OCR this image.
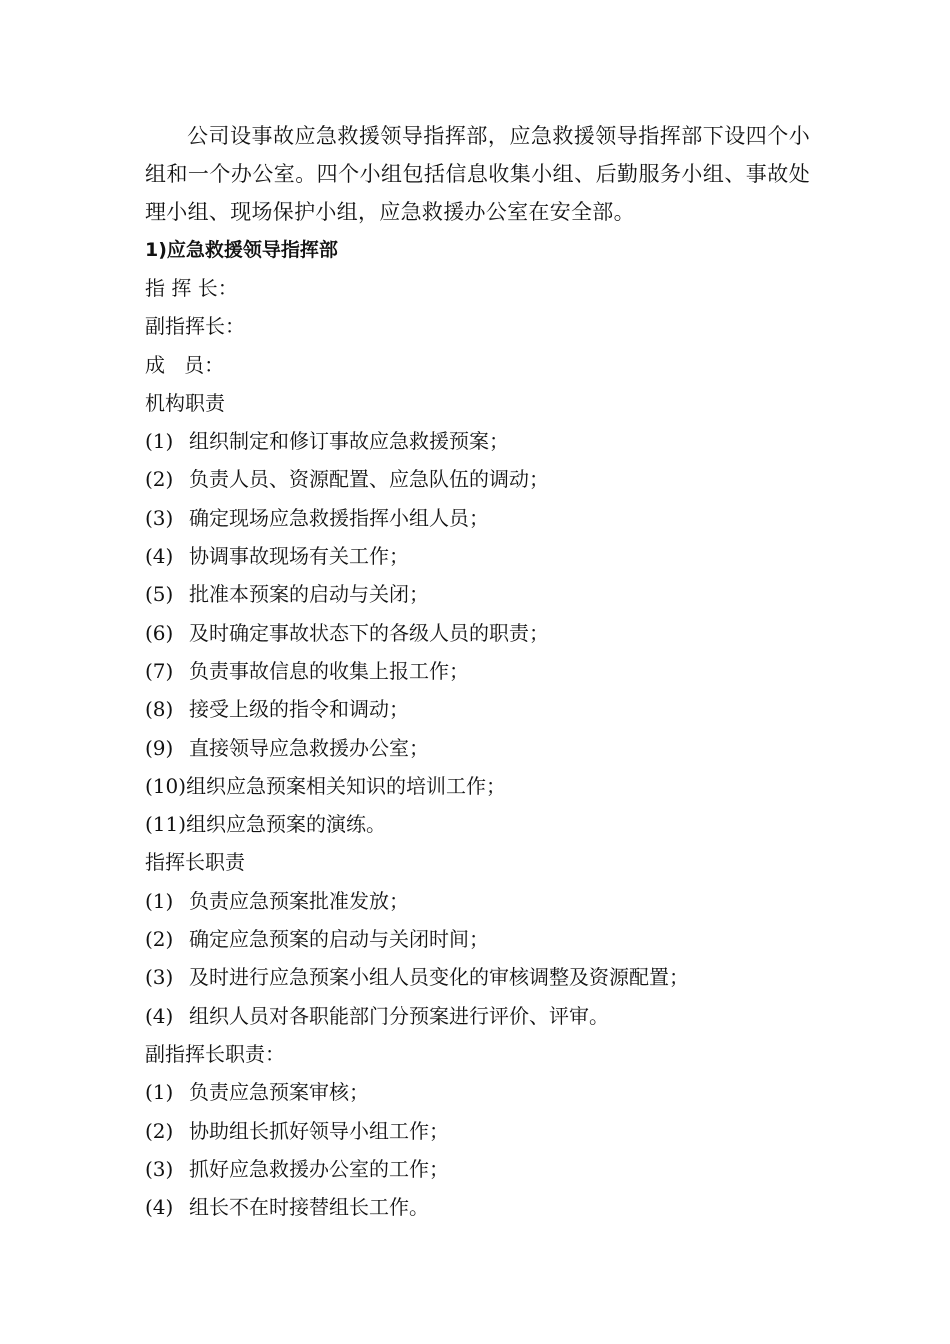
公司设事故应急救援领导指挥部，应急救援领导指挥部下设四个小组和一个办公室。四个小组包括信息收集小组、后勤服务小组、事故处理小组、现场保护小组，应急救援办公室在安全部。

1)应急救援领导指挥部

指 挥 长：

副指挥长：

成   员：

机构职责

(1) 组织制定和修订事故应急救援预案；

(2) 负责人员、资源配置、应急队伍的调动；

(3) 确定现场应急救援指挥小组人员；

(4) 协调事故现场有关工作；

(5) 批准本预案的启动与关闭；

(6) 及时确定事故状态下的各级人员的职责；

(7) 负责事故信息的收集上报工作；

(8) 接受上级的指令和调动；

(9) 直接领导应急救援办公室；

(10)组织应急预案相关知识的培训工作；

(11)组织应急预案的演练。

指挥长职责

(1) 负责应急预案批准发放；

(2) 确定应急预案的启动与关闭时间；

(3) 及时进行应急预案小组人员变化的审核调整及资源配置；

(4) 组织人员对各职能部门分预案进行评价、评审。

副指挥长职责：

(1) 负责应急预案审核；

(2) 协助组长抓好领导小组工作；

(3) 抓好应急救援办公室的工作；

(4) 组长不在时接替组长工作。
